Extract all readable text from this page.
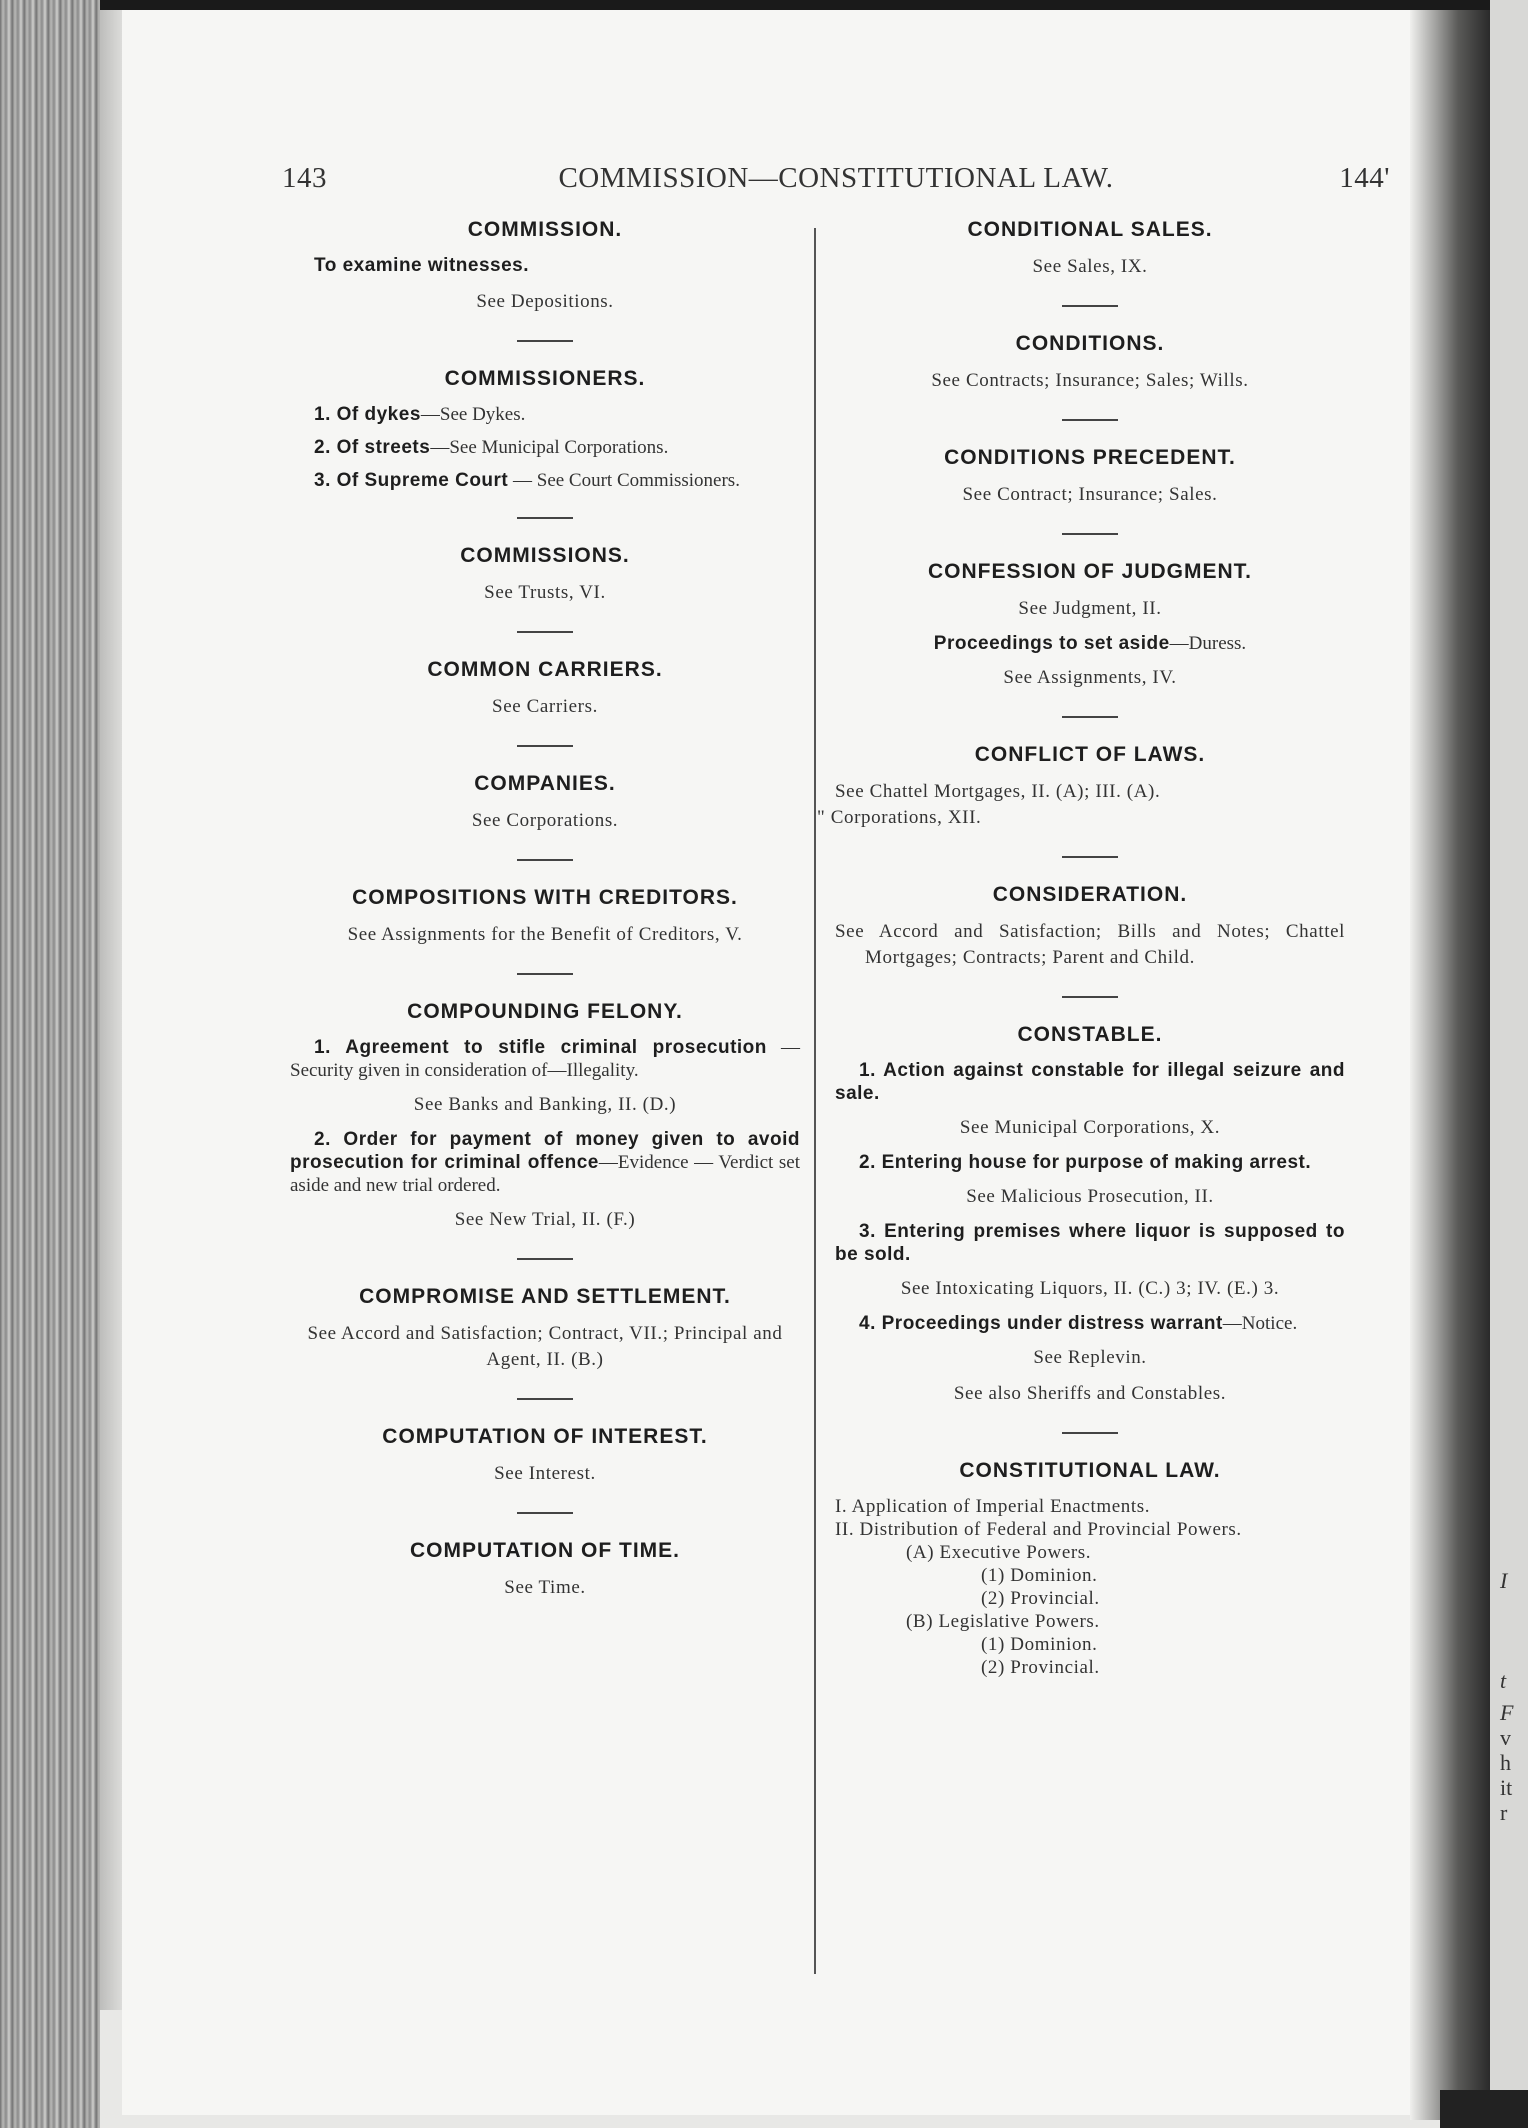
I
t
F
v
h
it
r
143	COMMISSION—CONSTITUTIONAL LAW.	144'
COMMISSION.

To examine witnesses.

See Depositions.

COMMISSIONERS.

1. Of dykes—See Dykes.

2. Of streets—See Municipal Corporations.

3. Of Supreme Court — See Court Commissioners.

COMMISSIONS.

See Trusts, VI.

COMMON CARRIERS.

See Carriers.

COMPANIES.

See Corporations.

COMPOSITIONS WITH CREDITORS.

See Assignments for the Benefit of Creditors, V.

COMPOUNDING FELONY.

1. Agreement to stifle criminal prosecution — Security given in consideration of—Illegality.

See Banks and Banking, II. (D.)

2. Order for payment of money given to avoid prosecution for criminal offence—Evidence — Verdict set aside and new trial ordered.

See New Trial, II. (F.)

COMPROMISE AND SETTLEMENT.

See Accord and Satisfaction; Contract, VII.; Principal and Agent, II. (B.)

COMPUTATION OF INTEREST.

See Interest.

COMPUTATION OF TIME.

See Time.

CONDITIONAL SALES.

See Sales, IX.

CONDITIONS.

See Contracts; Insurance; Sales; Wills.

CONDITIONS PRECEDENT.

See Contract; Insurance; Sales.

CONFESSION OF JUDGMENT.

See Judgment, II.

Proceedings to set aside—Duress.

See Assignments, IV.

CONFLICT OF LAWS.

See Chattel Mortgages, II. (A); III. (A).

" Corporations, XII.

CONSIDERATION.

See Accord and Satisfaction; Bills and Notes; Chattel Mortgages; Contracts; Parent and Child.

CONSTABLE.

1. Action against constable for illegal seizure and sale.

See Municipal Corporations, X.

2. Entering house for purpose of making arrest.

See Malicious Prosecution, II.

3. Entering premises where liquor is supposed to be sold.

See Intoxicating Liquors, II. (C.) 3; IV. (E.) 3.

4. Proceedings under distress warrant—Notice.

See Replevin.

See also Sheriffs and Constables.

CONSTITUTIONAL LAW.
I. Application of Imperial Enactments.
II. Distribution of Federal and Provincial Powers.
(A) Executive Powers.
(1) Dominion.
(2) Provincial.
(B) Legislative Powers.
(1) Dominion.
(2) Provincial.
